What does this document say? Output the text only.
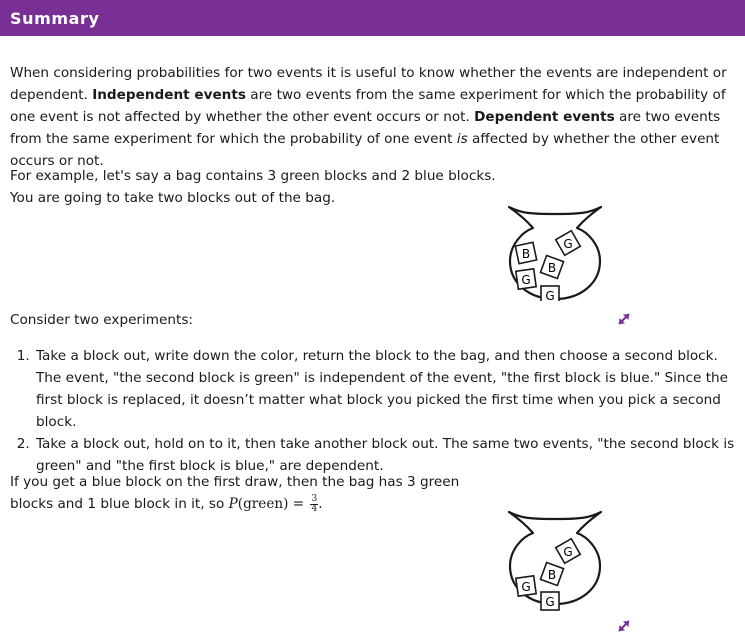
Summary

When considering probabilities for two events it is useful to know whether the events are independent or dependent. Independent events are two events from the same experiment for which the probability of one event is not affected by whether the other event occurs or not. Dependent events are two events from the same experiment for which the probability of one event is affected by whether the other event occurs or not.

For example, let's say a bag contains 3 green blocks and 2 blue blocks. You are going to take two blocks out of the bag.

B
G
B
G
G

Consider two experiments:

1. Take a block out, write down the color, return the block to the bag, and then choose a second block. The event, "the second block is green" is independent of the event, "the first block is blue." Since the first block is replaced, it doesn’t matter what block you picked the first time when you pick a second block.
2. Take a block out, hold on to it, then take another block out. The same two events, "the second block is green" and "the first block is blue," are dependent.

If you get a blue block on the first draw, then the bag has 3 green blocks and 1 blue block in it, so P(green) = $\frac{3}{4}$ .

G
B
G
G
